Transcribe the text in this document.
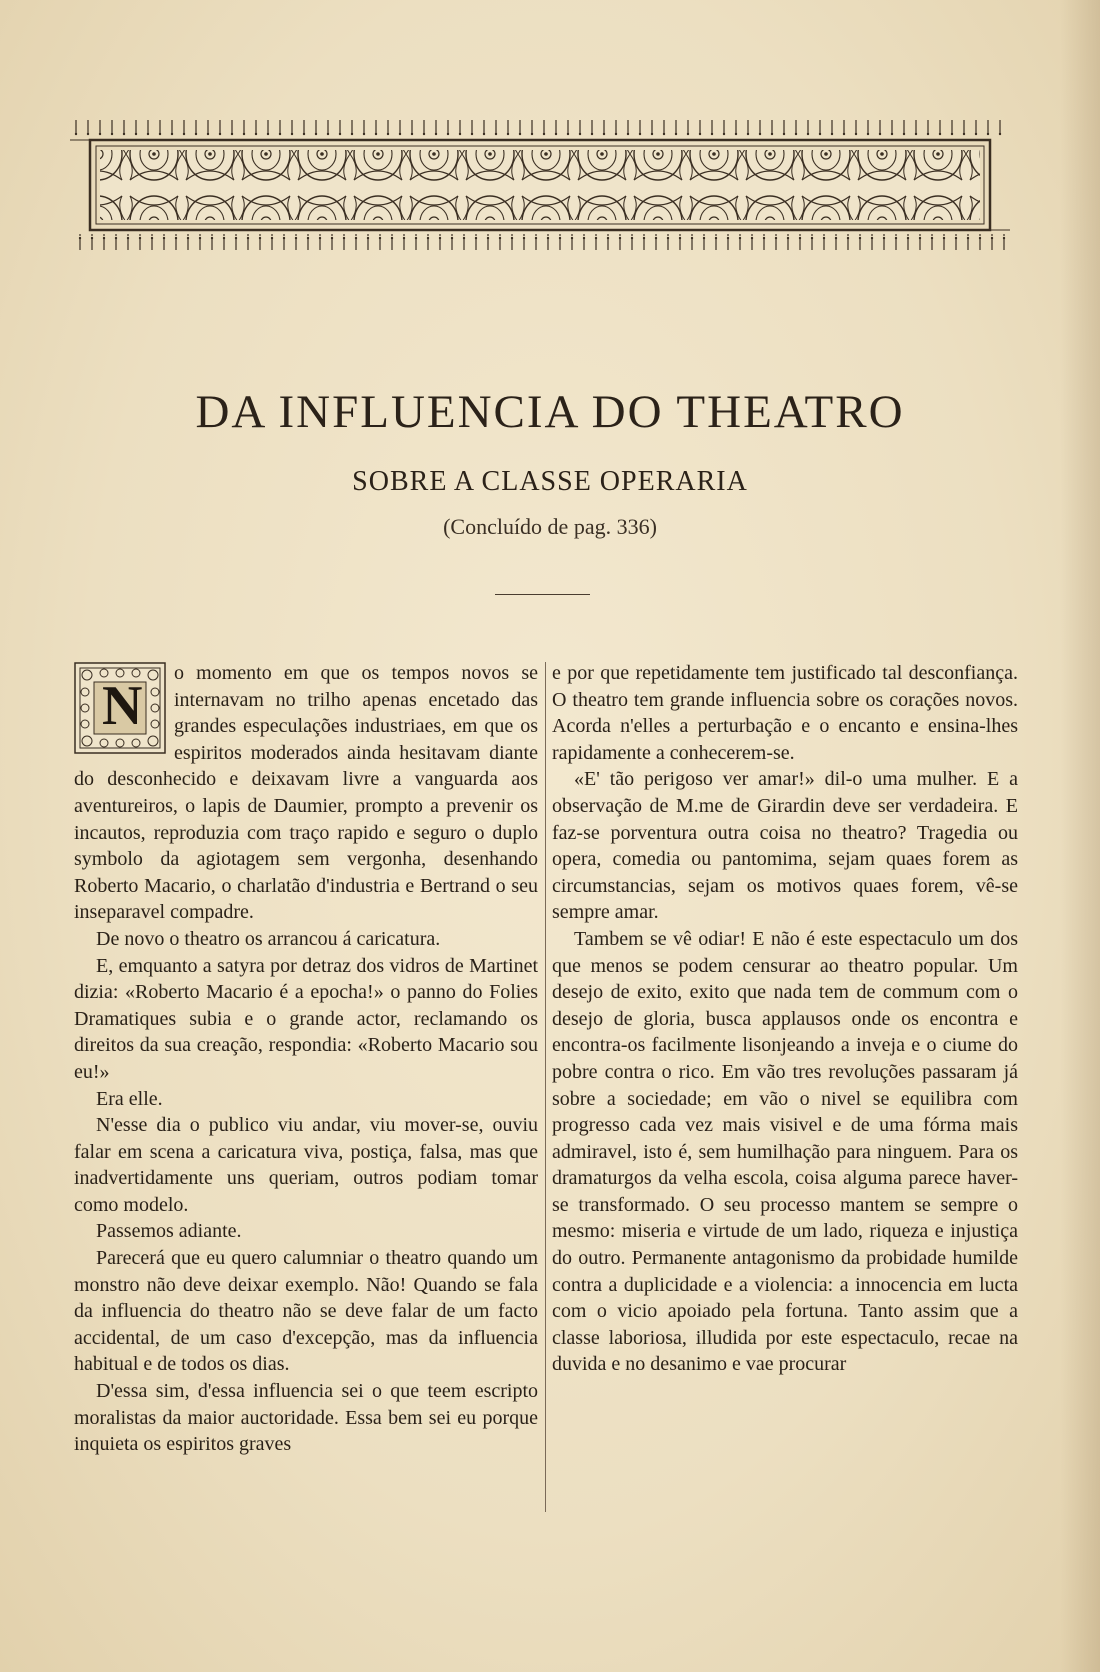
DA INFLUENCIA DO THEATRO
SOBRE A CLASSE OPERARIA
(Concluído de pag. 336)

N
o momento em que os tempos novos se internavam no trilho apenas encetado das grandes especulações industriaes, em que os espiritos moderados ainda hesitavam diante do desconhecido e deixavam livre a vanguarda aos aventureiros, o lapis de Daumier, prompto a prevenir os incautos, reproduzia com traço rapido e seguro o duplo symbolo da agiotagem sem vergonha, desenhando Roberto Macario, o charlatão d'industria e Bertrand o seu inseparavel compadre.

De novo o theatro os arrancou á caricatura.

E, emquanto a satyra por detraz dos vidros de Martinet dizia: «Roberto Macario é a epocha!» o panno do Folies Dramatiques subia e o grande actor, reclamando os direitos da sua creação, respondia: «Roberto Macario sou eu!»

Era elle.

N'esse dia o publico viu andar, viu mover-se, ouviu falar em scena a caricatura viva, postiça, falsa, mas que inadvertidamente uns queriam, outros podiam tomar como modelo.

Passemos adiante.

Parecerá que eu quero calumniar o theatro quando um monstro não deve deixar exemplo. Não! Quando se fala da influencia do theatro não se deve falar de um facto accidental, de um caso d'excepção, mas da influencia habitual e de todos os dias.

D'essa sim, d'essa influencia sei o que teem escripto moralistas da maior auctoridade. Essa bem sei eu porque inquieta os espiritos graves

e por que repetidamente tem justificado tal desconfiança. O theatro tem grande influencia sobre os corações novos. Acorda n'elles a perturbação e o encanto e ensina-lhes rapidamente a conhecerem-se.

«E' tão perigoso ver amar!» dil-o uma mulher. E a observação de M.me de Girardin deve ser verdadeira. E faz-se porventura outra coisa no theatro? Tragedia ou opera, comedia ou pantomima, sejam quaes forem as circumstancias, sejam os motivos quaes forem, vê-se sempre amar.

Tambem se vê odiar! E não é este espectaculo um dos que menos se podem censurar ao theatro popular. Um desejo de exito, exito que nada tem de commum com o desejo de gloria, busca applausos onde os encontra e encontra-os facilmente lisonjeando a inveja e o ciume do pobre contra o rico. Em vão tres revoluções passaram já sobre a sociedade; em vão o nivel se equilibra com progresso cada vez mais visivel e de uma fórma mais admiravel, isto é, sem humilhação para ninguem. Para os dramaturgos da velha escola, coisa alguma parece haver-se transformado. O seu processo mantem se sempre o mesmo: miseria e virtude de um lado, riqueza e injustiça do outro. Permanente antagonismo da probidade humilde contra a duplicidade e a violencia: a innocencia em lucta com o vicio apoiado pela fortuna. Tanto assim que a classe laboriosa, illudida por este espectaculo, recae na duvida e no desanimo e vae procurar
